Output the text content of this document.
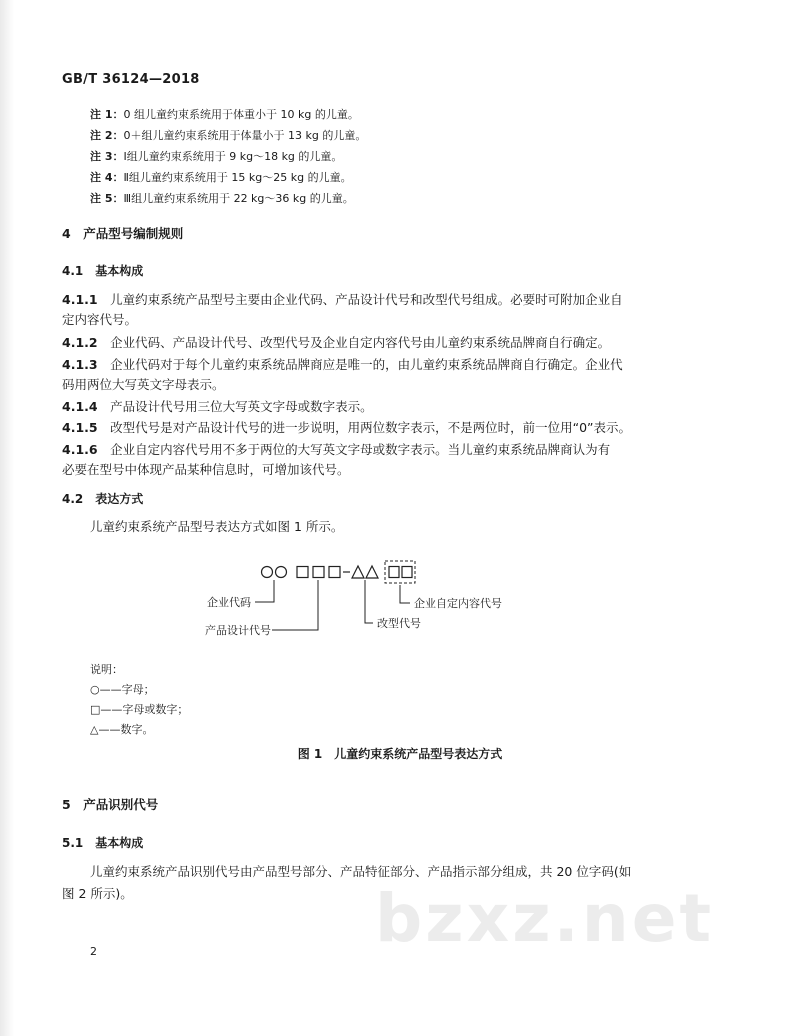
GB/T 36124—2018
注 1：0 组儿童约束系统用于体重小于 10 kg 的儿童。
注 2：0＋组儿童约束系统用于体量小于 13 kg 的儿童。
注 3：Ⅰ组儿童约束系统用于 9 kg～18 kg 的儿童。
注 4：Ⅱ组儿童约束系统用于 15 kg～25 kg 的儿童。
注 5：Ⅲ组儿童约束系统用于 22 kg～36 kg 的儿童。
4　产品型号编制规则
4.1　基本构成
4.1.1　 儿童约束系统产品型号主要由企业代码、产品设计代号和改型代号组成。必要时可附加企业自
定内容代号。
4.1.2　 企业代码、产品设计代号、改型代号及企业自定内容代号由儿童约束系统品牌商自行确定。
4.1.3　 企业代码对于每个儿童约束系统品牌商应是唯一的，由儿童约束系统品牌商自行确定。企业代
码用两位大写英文字母表示。
4.1.4　 产品设计代号用三位大写英文字母或数字表示。
4.1.5　 改型代号是对产品设计代号的进一步说明，用两位数字表示，不是两位时，前一位用“0”表示。
4.1.6　 企业自定内容代号用不多于两位的大写英文字母或数字表示。当儿童约束系统品牌商认为有
必要在型号中体现产品某种信息时，可增加该代号。
4.2　表达方式
儿童约束系统产品型号表达方式如图 1 所示。
企业代码
产品设计代号
改型代号
企业自定内容代号
说明：
○——字母；
□——字母或数字；
△——数字。
图 1　儿童约束系统产品型号表达方式
5　产品识别代号
5.1　基本构成
儿童约束系统产品识别代号由产品型号部分、产品特征部分、产品指示部分组成，共 20 位字码(如
图 2 所示)。	bzxz.net
2
